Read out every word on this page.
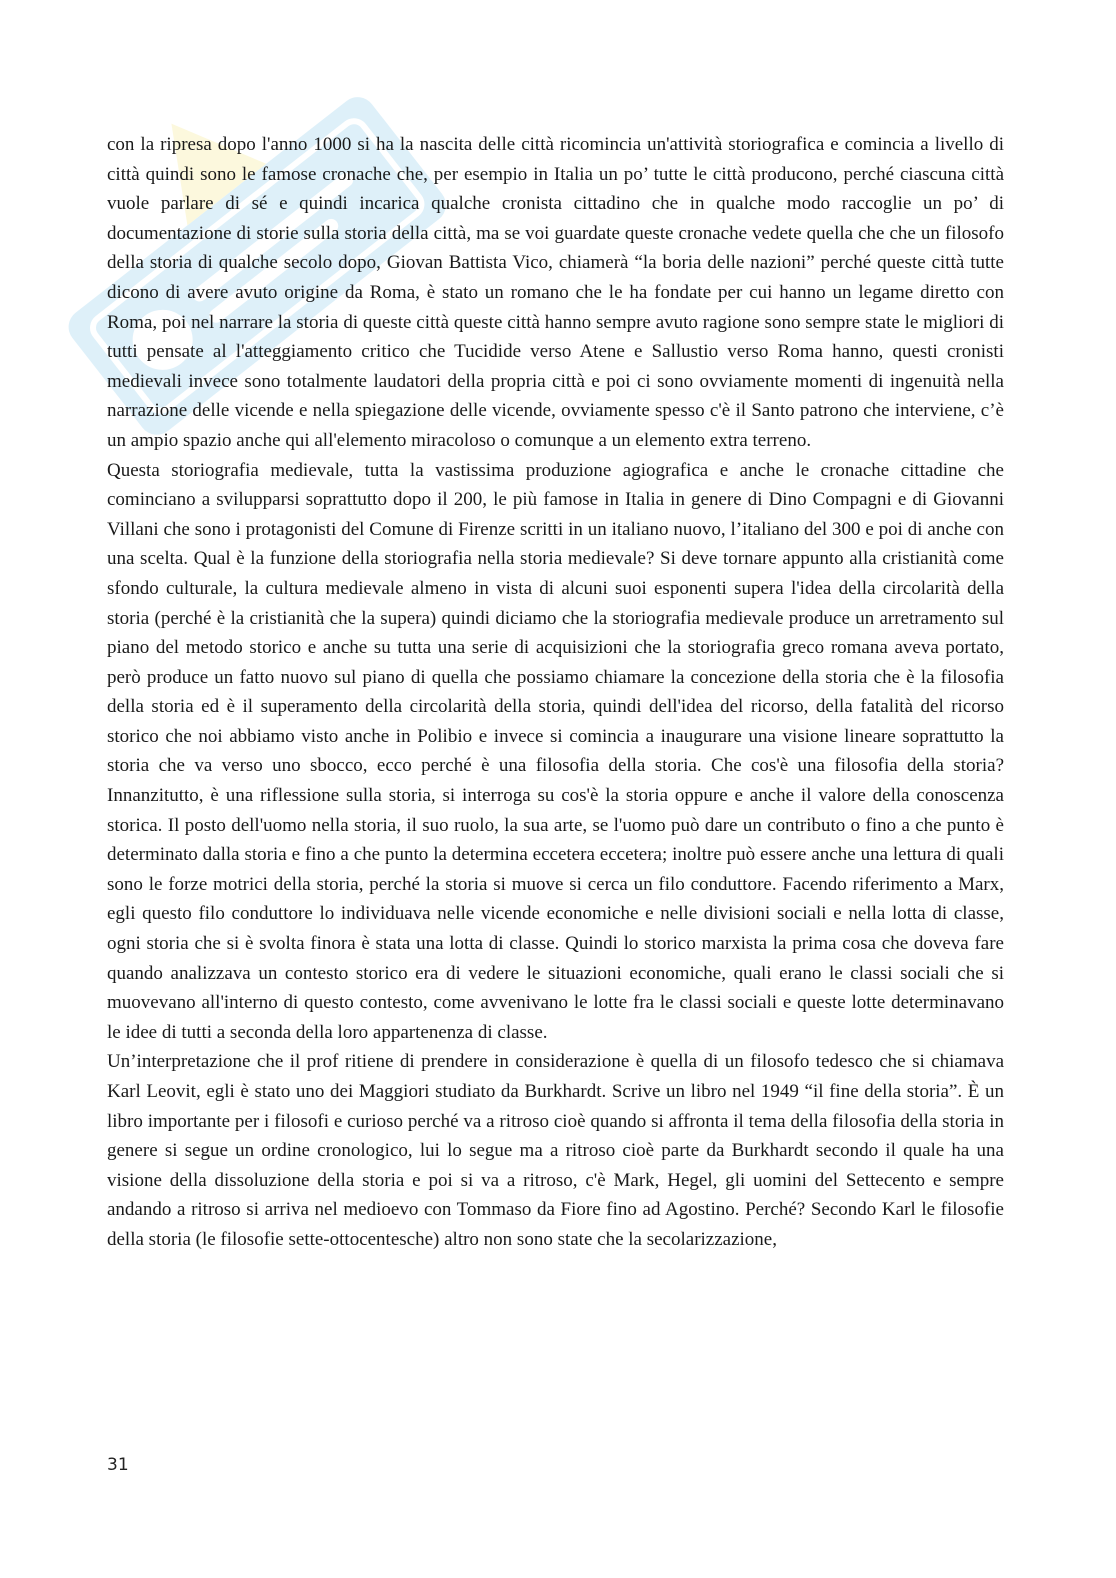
con la ripresa dopo l'anno 1000 si ha la nascita delle città ricomincia un'attività storiografica e comincia a livello di città quindi sono le famose cronache che, per esempio in Italia un po’ tutte le città producono, perché ciascuna città vuole parlare di sé e quindi incarica qualche cronista cittadino che in qualche modo raccoglie un po’ di documentazione di storie sulla storia della città, ma se voi guardate queste cronache vedete quella che che un filosofo della storia di qualche secolo dopo, Giovan Battista Vico, chiamerà “la boria delle nazioni” perché queste città tutte dicono di avere avuto origine da Roma, è stato un romano che le ha fondate per cui hanno un legame diretto con Roma, poi nel narrare la storia di queste città queste città hanno sempre avuto ragione sono sempre state le migliori di tutti pensate al l'atteggiamento critico che Tucidide verso Atene e Sallustio verso Roma hanno, questi cronisti medievali invece sono totalmente laudatori della propria città e poi ci sono ovviamente momenti di ingenuità nella narrazione delle vicende e nella spiegazione delle vicende, ovviamente spesso c'è il Santo patrono che interviene, c’è un ampio spazio anche qui all'elemento miracoloso o comunque a un elemento extra terreno.

Questa storiografia medievale, tutta la vastissima produzione agiografica e anche le cronache cittadine che cominciano a svilupparsi soprattutto dopo il 200, le più famose in Italia in genere di Dino Compagni e di Giovanni Villani che sono i protagonisti del Comune di Firenze scritti in un italiano nuovo, l’italiano del 300 e poi di anche con una scelta. Qual è la funzione della storiografia nella storia medievale? Si deve tornare appunto alla cristianità come sfondo culturale, la cultura medievale almeno in vista di alcuni suoi esponenti supera l'idea della circolarità della storia (perché è la cristianità che la supera) quindi diciamo che la storiografia medievale produce un arretramento sul piano del metodo storico e anche su tutta una serie di acquisizioni che la storiografia greco romana aveva portato, però produce un fatto nuovo sul piano di quella che possiamo chiamare la concezione della storia che è la filosofia della storia ed è il superamento della circolarità della storia, quindi dell'idea del ricorso, della fatalità del ricorso storico che noi abbiamo visto anche in Polibio e invece si comincia a inaugurare una visione lineare soprattutto la storia che va verso uno sbocco, ecco perché è una filosofia della storia. Che cos'è una filosofia della storia? Innanzitutto, è una riflessione sulla storia, si interroga su cos'è la storia oppure e anche il valore della conoscenza storica. Il posto dell'uomo nella storia, il suo ruolo, la sua arte, se l'uomo può dare un contributo o fino a che punto è determinato dalla storia e fino a che punto la determina eccetera eccetera; inoltre può essere anche una lettura di quali sono le forze motrici della storia, perché la storia si muove si cerca un filo conduttore. Facendo riferimento a Marx, egli questo filo conduttore lo individuava nelle vicende economiche e nelle divisioni sociali e nella lotta di classe, ogni storia che si è svolta finora è stata una lotta di classe. Quindi lo storico marxista la prima cosa che doveva fare quando analizzava un contesto storico era di vedere le situazioni economiche, quali erano le classi sociali che si muovevano all'interno di questo contesto, come avvenivano le lotte fra le classi sociali e queste lotte determinavano le idee di tutti a seconda della loro appartenenza di classe.

Un’interpretazione che il prof ritiene di prendere in considerazione è quella di un filosofo tedesco che si chiamava Karl Leovit, egli è stato uno dei Maggiori studiato da Burkhardt. Scrive un libro nel 1949 “il fine della storia”. È un libro importante per i filosofi e curioso perché va a ritroso cioè quando si affronta il tema della filosofia della storia in genere si segue un ordine cronologico, lui lo segue ma a ritroso cioè parte da Burkhardt secondo il quale ha una visione della dissoluzione della storia e poi si va a ritroso, c'è Mark, Hegel, gli uomini del Settecento e sempre andando a ritroso si arriva nel medioevo con Tommaso da Fiore fino ad Agostino. Perché? Secondo Karl le filosofie della storia (le filosofie sette-ottocentesche) altro non sono state che la secolarizzazione,

31
